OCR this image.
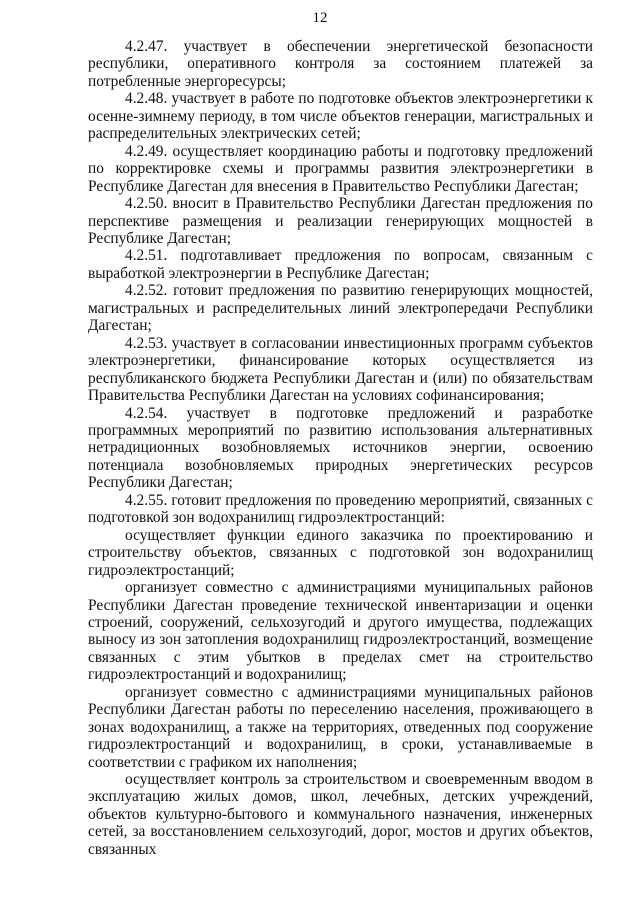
12

4.2.47. участвует в обеспечении энергетической безопасности республики, оперативного контроля за состоянием платежей за потребленные энергоресурсы;

4.2.48. участвует в работе по подготовке объектов электроэнергетики к осенне-зимнему периоду, в том числе объектов генерации, магистральных и распределительных электрических сетей;

4.2.49. осуществляет координацию работы и подготовку предложений по корректировке схемы и программы развития электроэнергетики в Республике Дагестан для внесения в Правительство Республики Дагестан;

4.2.50. вносит в Правительство Республики Дагестан предложения по перспективе размещения и реализации генерирующих мощностей в Республике Дагестан;

4.2.51. подготавливает предложения по вопросам, связанным с выработкой электроэнергии в Республике Дагестан;

4.2.52. готовит предложения по развитию генерирующих мощностей, магистральных и распределительных линий электропередачи Республики Дагестан;

4.2.53. участвует в согласовании инвестиционных программ субъектов электроэнергетики, финансирование которых осуществляется из республиканского бюджета Республики Дагестан и (или) по обязательствам Правительства Республики Дагестан на условиях софинансирования;

4.2.54. участвует в подготовке предложений и разработке программных мероприятий по развитию использования альтернативных нетрадиционных возобновляемых источников энергии, освоению потенциала возобновляемых природных энергетических ресурсов Республики Дагестан;

4.2.55. готовит предложения по проведению мероприятий, связанных с подготовкой зон водохранилищ гидроэлектростанций:

осуществляет функции единого заказчика по проектированию и строительству объектов, связанных с подготовкой зон водохранилищ гидроэлектростанций;

организует совместно с администрациями муниципальных районов Республики Дагестан проведение технической инвентаризации и оценки строений, сооружений, сельхозугодий и другого имущества, подлежащих выносу из зон затопления водохранилищ гидроэлектростанций, возмещение связанных с этим убытков в пределах смет на строительство гидроэлектростанций и водохранилищ;

организует совместно с администрациями муниципальных районов Республики Дагестан работы по переселению населения, проживающего в зонах водохранилищ, а также на территориях, отведенных под сооружение гидроэлектростанций и водохранилищ, в сроки, устанавливаемые в соответствии с графиком их наполнения;

осуществляет контроль за строительством и своевременным вводом в эксплуатацию жилых домов, школ, лечебных, детских учреждений, объектов культурно-бытового и коммунального назначения, инженерных сетей, за восстановлением сельхозугодий, дорог, мостов и других объектов, связанных
